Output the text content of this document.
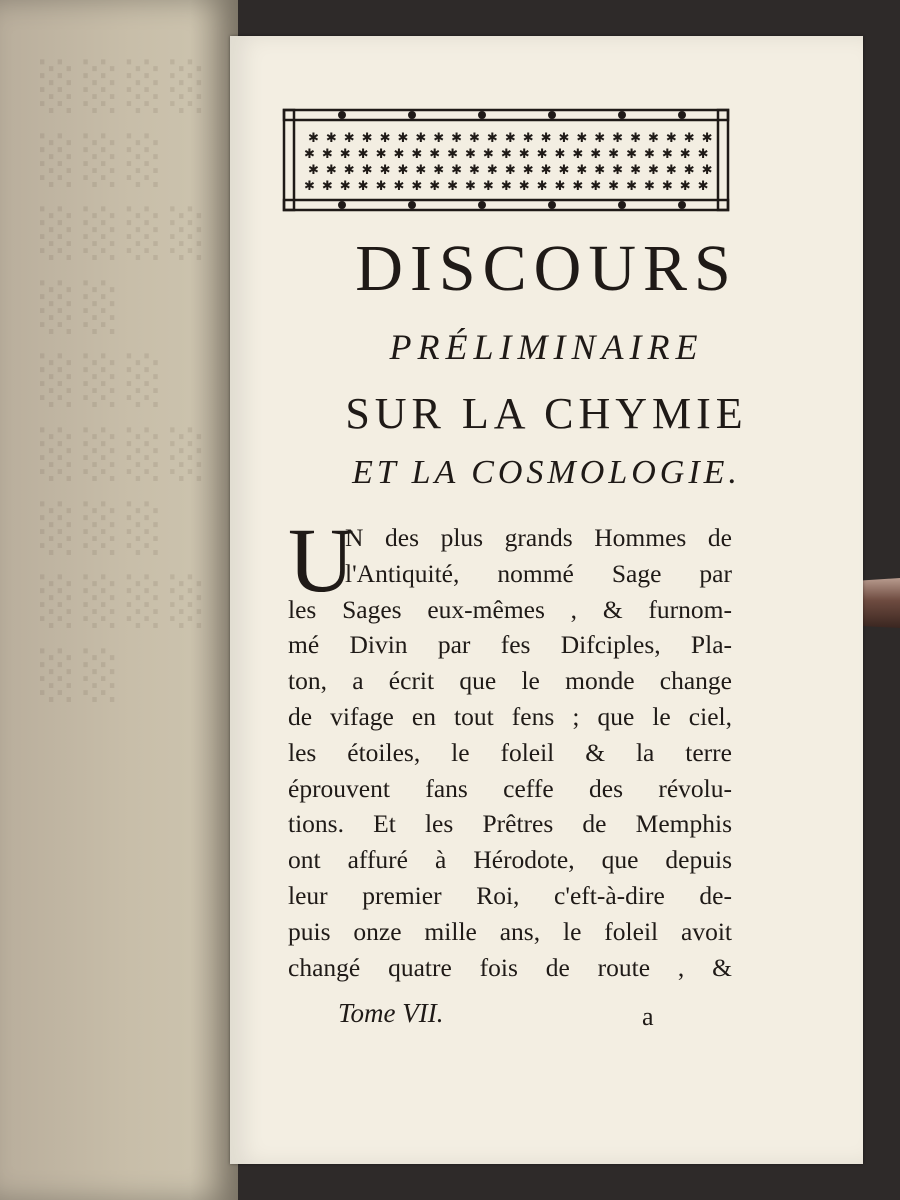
░░░░
░░░
░░░░
░░
░░░
░░░░
░░░
░░░░
░░
✱✱✱✱✱✱✱✱✱✱✱✱✱✱✱✱✱✱✱✱✱✱✱
✱✱✱✱✱✱✱✱✱✱✱✱✱✱✱✱✱✱✱✱✱✱✱
✱✱✱✱✱✱✱✱✱✱✱✱✱✱✱✱✱✱✱✱✱✱✱
✱✱✱✱✱✱✱✱✱✱✱✱✱✱✱✱✱✱✱✱✱✱✱
DISCOURS
PRÉLIMINAIRE
SUR LA CHYMIE
ET LA COSMOLOGIE.
U
N des plus grands Hommes de
l'Antiquité, nommé Sage par
les Sages eux-mêmes , & furnom-
mé Divin par fes Difciples, Pla-
ton, a écrit que le monde change
de vifage en tout fens ; que le ciel,
les étoiles, le foleil & la terre
éprouvent fans ceffe des révolu-
tions. Et les Prêtres de Memphis
ont affuré à Hérodote, que depuis
leur premier Roi, c'eft-à-dire de-
puis onze mille ans, le foleil avoit
changé quatre fois de route , &
Tome VII.	a
